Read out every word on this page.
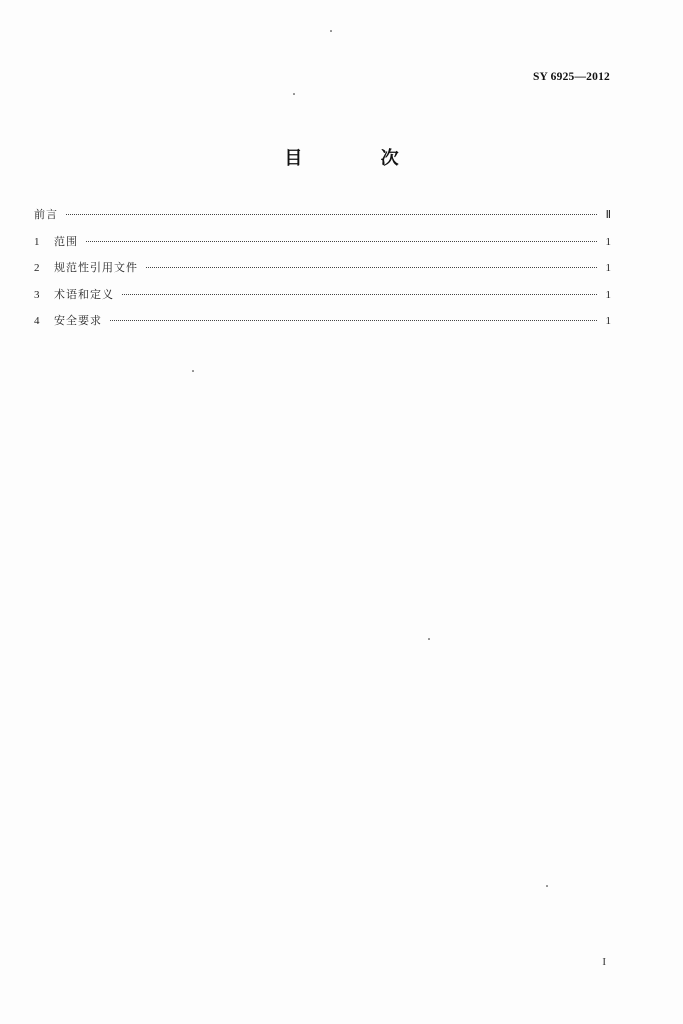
SY 6925—2012
目 次
前言	Ⅱ
1	范围	1
2	规范性引用文件	1
3	术语和定义	1
4	安全要求	1
I
